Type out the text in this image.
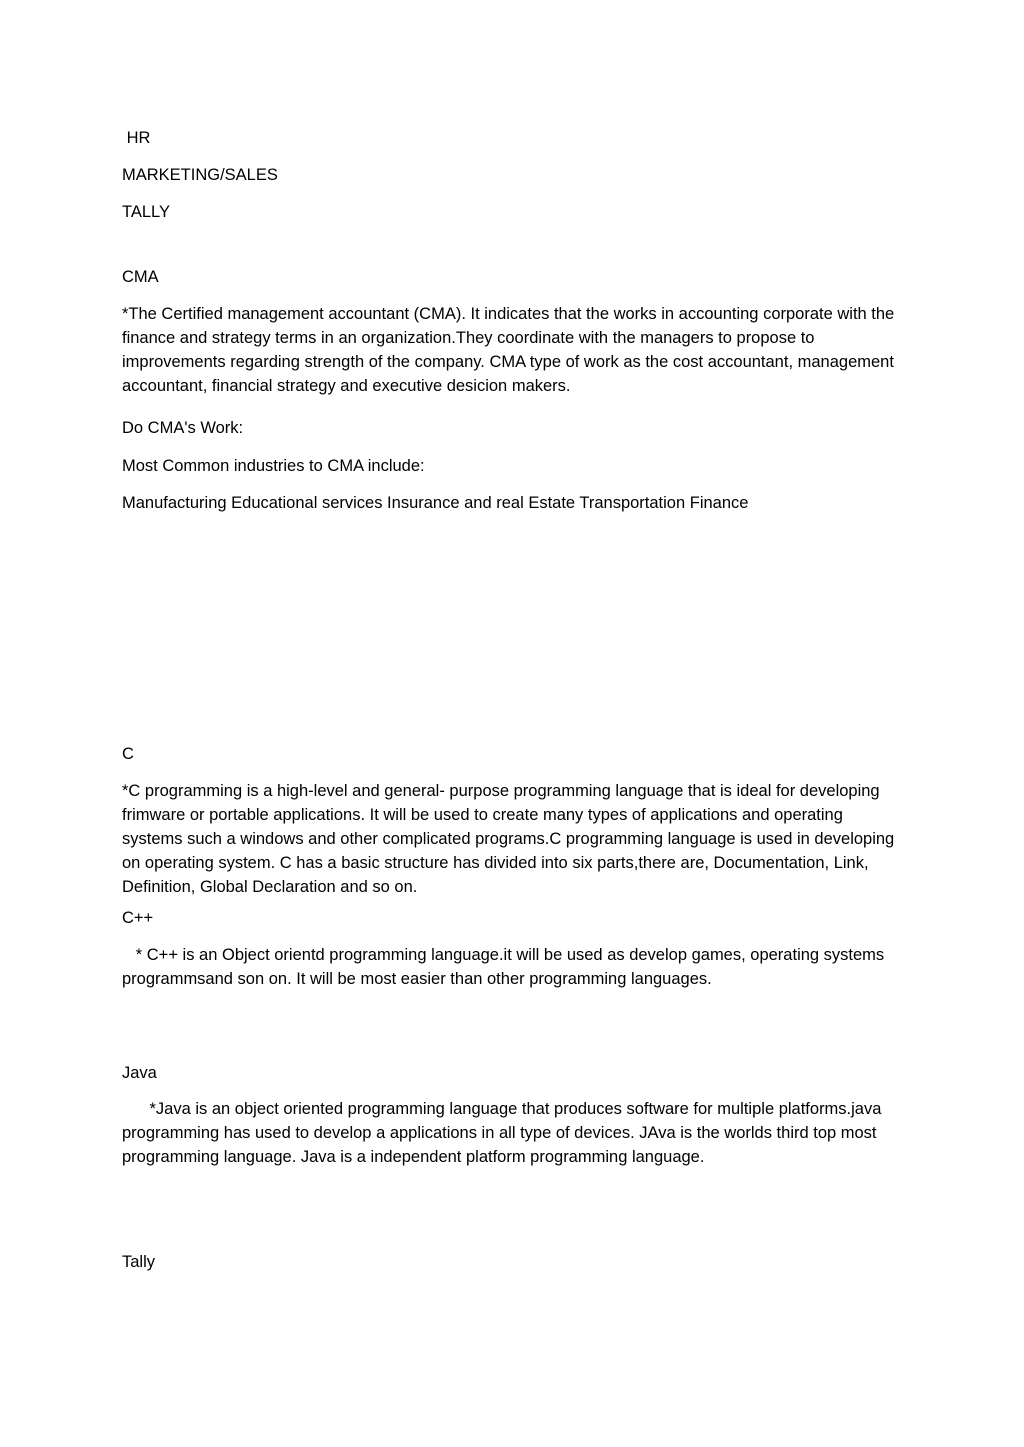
HR

MARKETING/SALES

TALLY

CMA

*The Certified management accountant (CMA). It indicates that the works in accounting corporate with the finance and strategy terms in an organization.They coordinate with the managers to propose to improvements regarding strength of the company. CMA type of work as the cost accountant, management accountant, financial strategy and executive desicion makers.

Do CMA's Work:

Most Common industries to CMA include:

Manufacturing Educational services Insurance and real Estate Transportation Finance

C

*C programming is a high-level and general- purpose programming language that is ideal for developing frimware or portable applications. It will be used to create many types of applications and operating systems such a windows and other complicated programs.C programming language is used in developing on operating system. C has a basic structure has divided into six parts,there are, Documentation, Link, Definition, Global Declaration and so on.

C++

* C++ is an Object orientd programming language.it will be used as develop games, operating systems programmsand son on. It will be most easier than other programming languages.

Java

*Java is an object oriented programming language that produces software for multiple platforms.java programming has used to develop a applications in all type of devices. JAva is the worlds third top most programming language. Java is a independent platform programming language.

Tally
